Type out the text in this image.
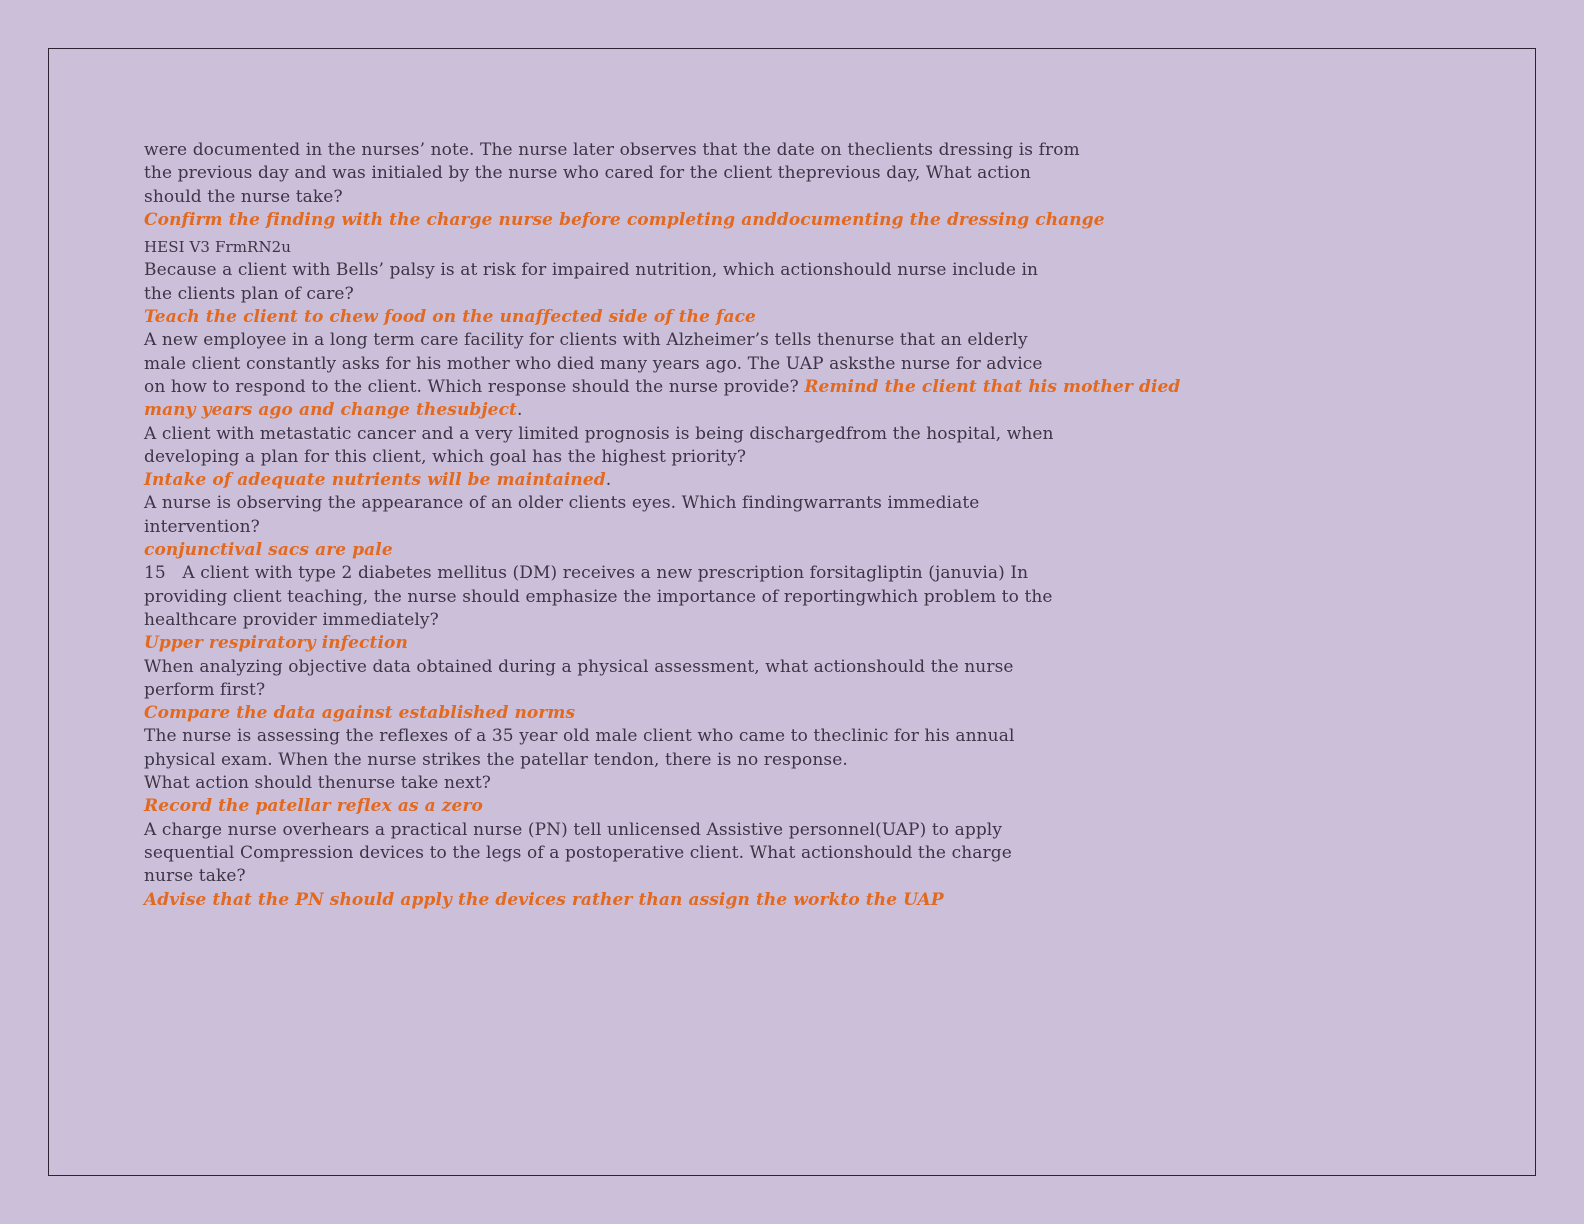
were documented in the nurses’ note. The nurse later observes that the date on theclients dressing is from
the previous day and was initialed by the nurse who cared for the client theprevious day, What action
should the nurse take?
Confirm the finding with the charge nurse before completing anddocumenting the dressing change
HESI V3 FrmRN2u
Because a client with Bells’ palsy is at risk for impaired nutrition, which actionshould nurse include in
the clients plan of care?
Teach the client to chew food on the unaffected side of the face
A new employee in a long term care facility for clients with Alzheimer’s tells thenurse that an elderly
male client constantly asks for his mother who died many years ago. The UAP asksthe nurse for advice
on how to respond to the client. Which response should the nurse provide? Remind the client that his mother died
many years ago and change thesubject.
A client with metastatic cancer and a very limited prognosis is being dischargedfrom the hospital, when
developing a plan for this client, which goal has the highest priority?
Intake of adequate nutrients will be maintained.
A nurse is observing the appearance of an older clients eyes. Which findingwarrants immediate
intervention?
conjunctival sacs are pale
15   A client with type 2 diabetes mellitus (DM) receives a new prescription forsitagliptin (januvia) In
providing client teaching, the nurse should emphasize the importance of reportingwhich problem to the
healthcare provider immediately?
Upper respiratory infection
When analyzing objective data obtained during a physical assessment, what actionshould the nurse
perform first?
Compare the data against established norms
The nurse is assessing the reflexes of a 35 year old male client who came to theclinic for his annual
physical exam. When the nurse strikes the patellar tendon, there is no response.
What action should thenurse take next?
Record the patellar reflex as a zero
A charge nurse overhears a practical nurse (PN) tell unlicensed Assistive personnel(UAP) to apply
sequential Compression devices to the legs of a postoperative client. What actionshould the charge
nurse take?
Advise that the PN should apply the devices rather than assign the workto the UAP
